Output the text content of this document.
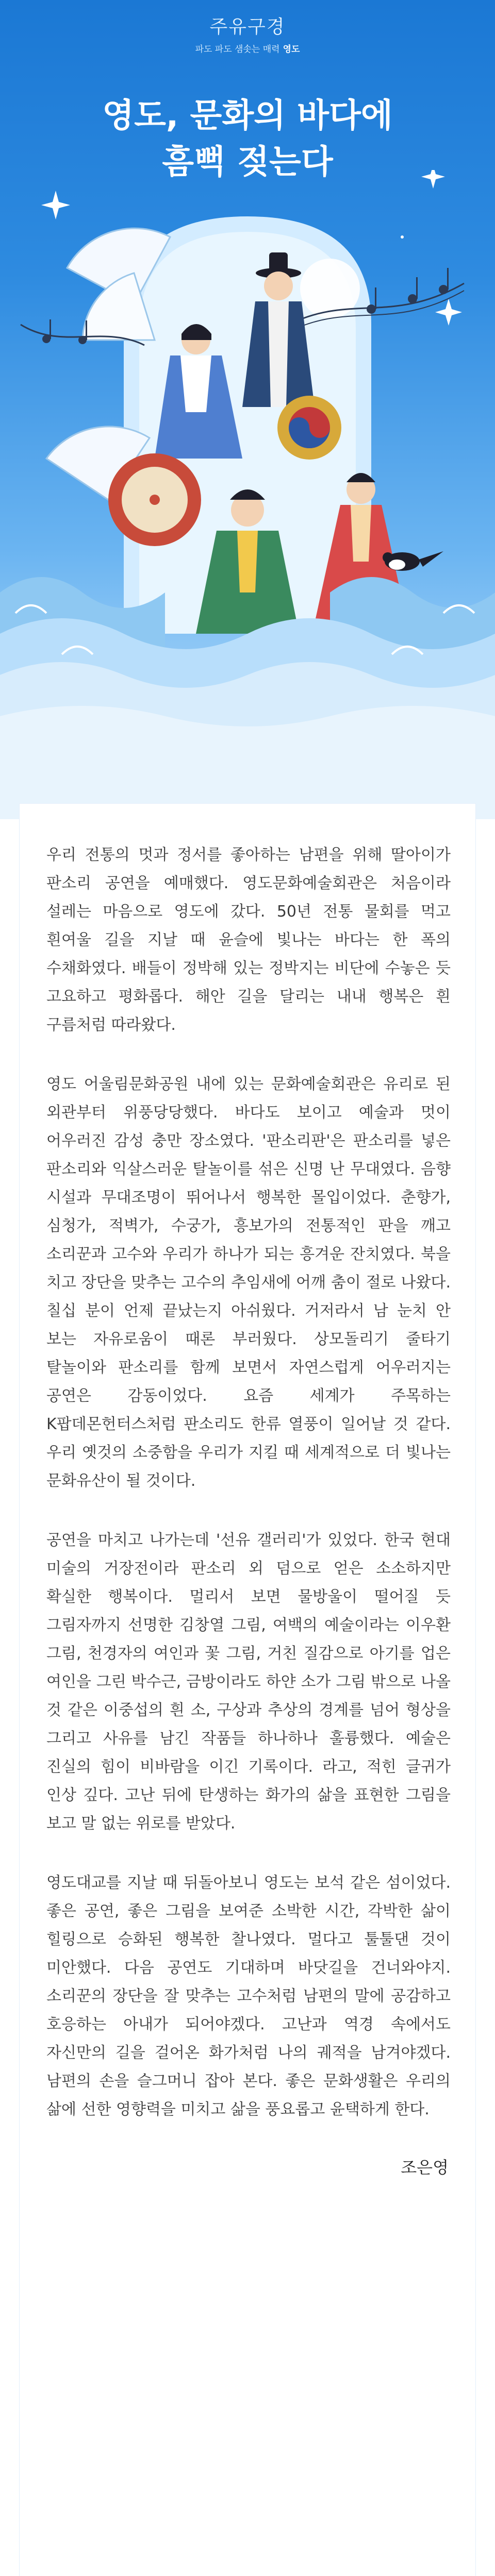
주유구경
파도 파도 샘솟는 매력 영도
영도, 문화의 바다에
흠뻑 젖는다

우리 전통의 멋과 정서를 좋아하는 남편을 위해 딸아이가 판소리 공연을 예매했다. 영도문화예술회관은 처음이라 설레는 마음으로 영도에 갔다. 50년 전통 물회를 먹고 흰여울 길을 지날 때 윤슬에 빛나는 바다는 한 폭의 수채화였다. 배들이 정박해 있는 정박지는 비단에 수놓은 듯 고요하고 평화롭다. 해안 길을 달리는 내내 행복은 흰 구름처럼 따라왔다.

영도 어울림문화공원 내에 있는 문화예술회관은 유리로 된 외관부터 위풍당당했다. 바다도 보이고 예술과 멋이 어우러진 감성 충만 장소였다. '판소리판'은 판소리를 넣은 판소리와 익살스러운 탈놀이를 섞은 신명 난 무대였다. 음향 시설과 무대조명이 뛰어나서 행복한 몰입이었다. 춘향가, 심청가, 적벽가, 수궁가, 흥보가의 전통적인 판을 깨고 소리꾼과 고수와 우리가 하나가 되는 흥겨운 잔치였다. 북을 치고 장단을 맞추는 고수의 추임새에 어깨 춤이 절로 나왔다. 칠십 분이 언제 끝났는지 아쉬웠다. 거저라서 남 눈치 안 보는 자유로움이 때론 부러웠다. 상모돌리기 줄타기 탈놀이와 판소리를 함께 보면서 자연스럽게 어우러지는 공연은 감동이었다. 요즘 세계가 주목하는 K팝데몬헌터스처럼 판소리도 한류 열풍이 일어날 것 같다. 우리 옛것의 소중함을 우리가 지킬 때 세계적으로 더 빛나는 문화유산이 될 것이다.

공연을 마치고 나가는데 '선유 갤러리'가 있었다. 한국 현대 미술의 거장전이라 판소리 외 덤으로 얻은 소소하지만 확실한 행복이다. 멀리서 보면 물방울이 떨어질 듯 그림자까지 선명한 김창열 그림, 여백의 예술이라는 이우환 그림, 천경자의 여인과 꽃 그림, 거친 질감으로 아기를 업은 여인을 그린 박수근, 금방이라도 하얀 소가 그림 밖으로 나올 것 같은 이중섭의 흰 소, 구상과 추상의 경계를 넘어 형상을 그리고 사유를 남긴 작품들 하나하나 훌륭했다. 예술은 진실의 힘이 비바람을 이긴 기록이다. 라고, 적힌 글귀가 인상 깊다. 고난 뒤에 탄생하는 화가의 삶을 표현한 그림을 보고 말 없는 위로를 받았다.

영도대교를 지날 때 뒤돌아보니 영도는 보석 같은 섬이었다. 좋은 공연, 좋은 그림을 보여준 소박한 시간, 각박한 삶이 힐링으로 승화된 행복한 찰나였다. 멀다고 툴툴댄 것이 미안했다. 다음 공연도 기대하며 바닷길을 건너와야지. 소리꾼의 장단을 잘 맞추는 고수처럼 남편의 말에 공감하고 호응하는 아내가 되어야겠다. 고난과 역경 속에서도 자신만의 길을 걸어온 화가처럼 나의 궤적을 남겨야겠다. 남편의 손을 슬그머니 잡아 본다. 좋은 문화생활은 우리의 삶에 선한 영향력을 미치고 삶을 풍요롭고 윤택하게 한다.

조은영
